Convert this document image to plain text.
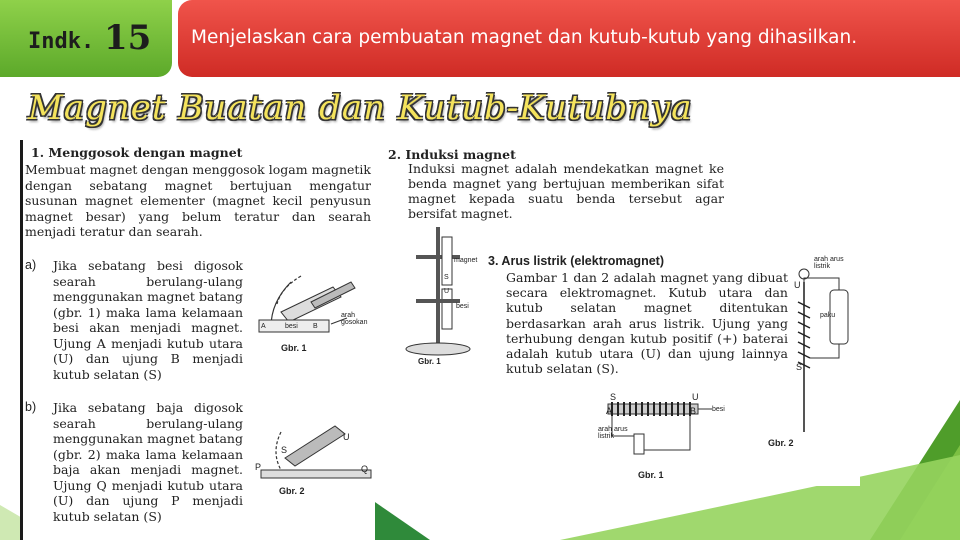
Indk. 15 Menjelaskan cara pembuatan magnet dan kutub-kutub yang dihasilkan.
Magnet Buatan dan Kutub-Kutubnya
1. Menggosok dengan magnet
Membuat magnet dengan menggosok logam magnetik dengan sebatang magnet bertujuan mengatur susunan magnet elementer (magnet kecil penyusun magnet besar) yang belum teratur dan searah menjadi teratur dan searah.
a) Jika sebatang besi digosok searah berulang-ulang menggunakan magnet batang (gbr. 1) maka lama kelamaan besi akan menjadi magnet. Ujung A menjadi kutub utara (U) dan ujung B menjadi kutub selatan (S)
A	besi B
arah gosokan
Gbr. 1
b) Jika sebatang baja digosok searah berulang-ulang menggunakan magnet batang (gbr. 2) maka lama kelamaan baja akan menjadi magnet. Ujung Q menjadi kutub utara (U) dan ujung P menjadi kutub selatan (S)
S
U
P	Q
Gbr. 2
2. Induksi magnet
Induksi magnet adalah mendekatkan magnet ke benda magnet yang bertujuan memberikan sifat magnet kepada suatu benda tersebut agar bersifat magnet.
magnet
S
U
besi
Gbr. 1
3. Arus listrik (elektromagnet)
Gambar 1 dan 2 adalah magnet yang dibuat secara elektromagnet. Kutub utara dan kutub selatan magnet ditentukan berdasarkan arah arus listrik. Ujung yang terhubung dengan kutub positif (+) baterai adalah kutub utara (U) dan ujung lainnya kutub selatan (S).
S	U
A	B besi
arah arus listrik
Gbr. 1
arah arus listrik
U
paku
S
Gbr. 2
